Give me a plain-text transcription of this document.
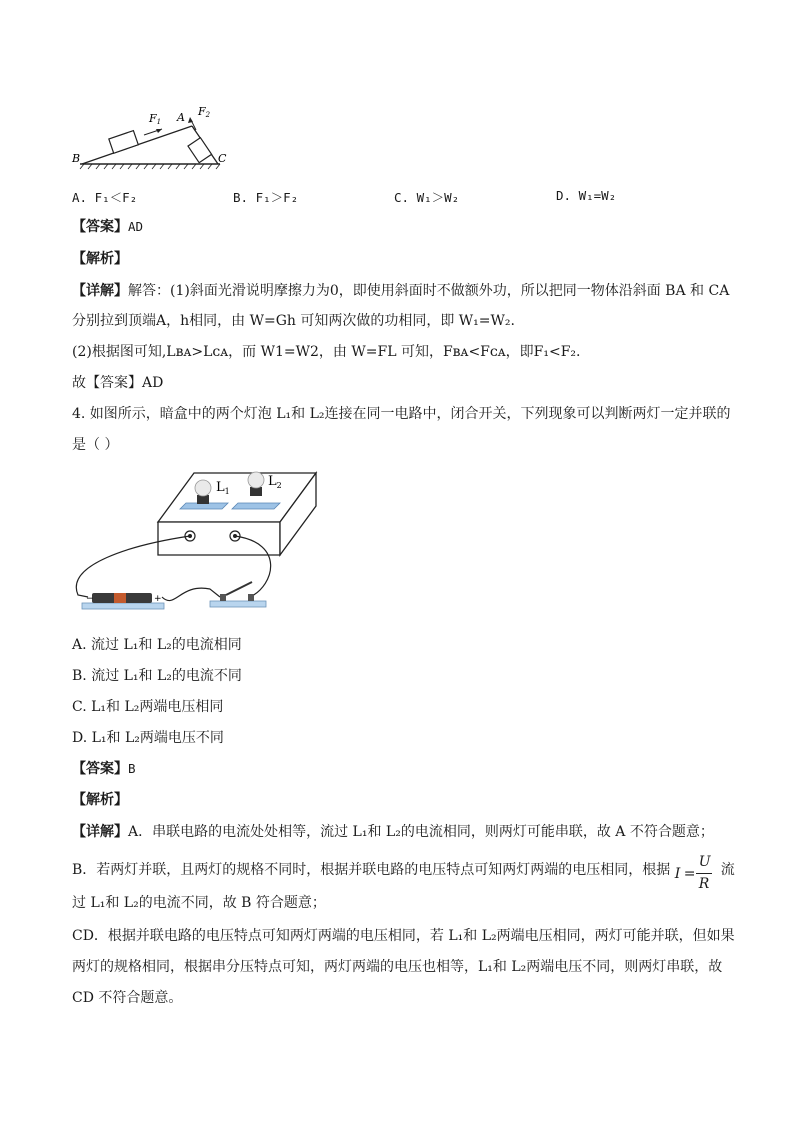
F1
F2
A
B	C
A. F₁＜F₂	B. F₁＞F₂	C. W₁＞W₂	D. W₁=W₂
【答案】AD
【解析】
【详解】解答：(1)斜面光滑说明摩擦力为0，即使用斜面时不做额外功，所以把同一物体沿斜面 BA 和 CA
分别拉到顶端A，h相同，由 W=Gh 可知两次做的功相同，即 W₁=W₂.
(2)根据图可知,Lʙᴀ>Lᴄᴀ，而 W1=W2，由 W=FL 可知，Fʙᴀ<Fᴄᴀ，即F₁<F₂.
故【答案】AD
4. 如图所示，暗盒中的两个灯泡 L₁和 L₂连接在同一电路中，闭合开关，下列现象可以判断两灯一定并联的
是（ ）
$L_1$
$L_2$
−	+
A. 流过 L₁和 L₂的电流相同
B. 流过 L₁和 L₂的电流不同
C. L₁和 L₂两端电压相同
D. L₁和 L₂两端电压不同
【答案】B
【解析】
【详解】A．串联电路的电流处处相等，流过 L₁和 L₂的电流相同，则两灯可能串联，故 A 不符合题意；
B．若两灯并联，且两灯的规格不同时，根据并联电路的电压特点可知两灯两端的电压相同，根据 I =
U
R
流
过 L₁和 L₂的电流不同，故 B 符合题意；
CD．根据并联电路的电压特点可知两灯两端的电压相同，若 L₁和 L₂两端电压相同，两灯可能并联，但如果
两灯的规格相同，根据串分压特点可知，两灯两端的电压也相等，L₁和 L₂两端电压不同，则两灯串联，故
CD 不符合题意。
